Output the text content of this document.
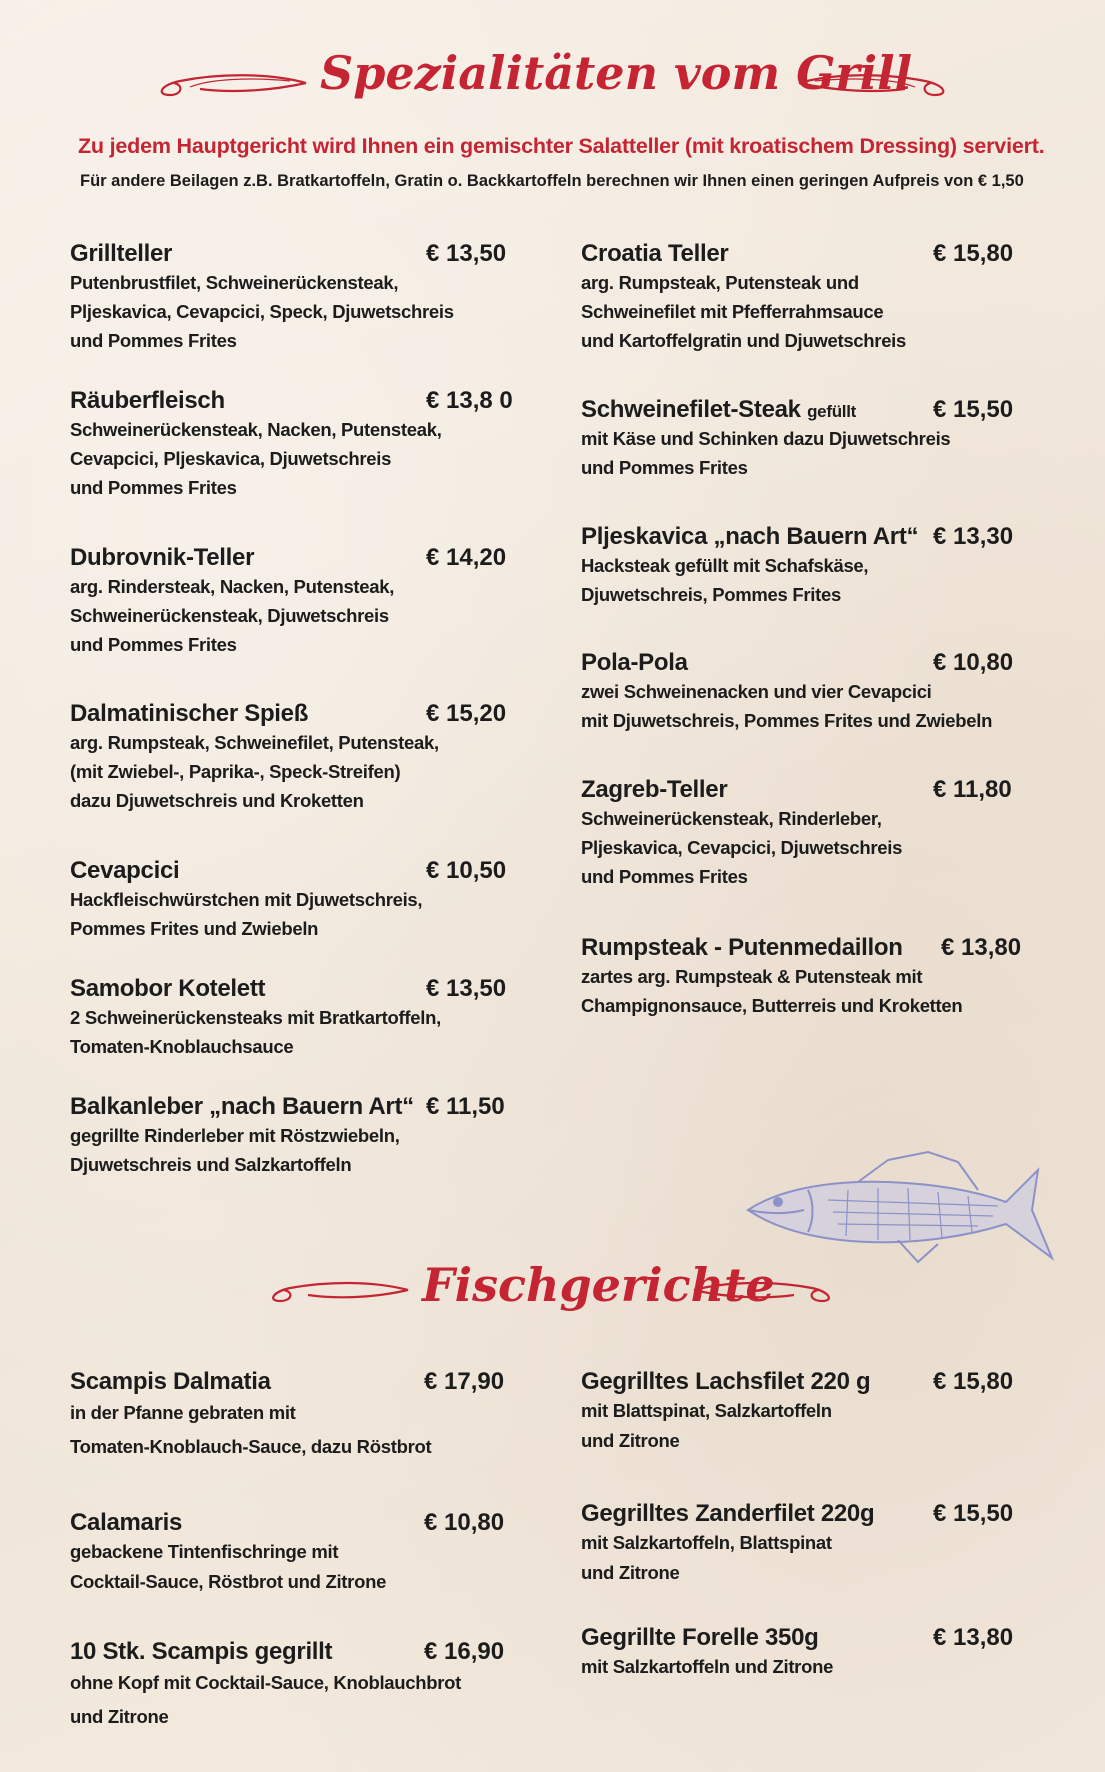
Spezialitäten vom Grill
Zu jedem Hauptgericht wird Ihnen ein gemischter Salatteller (mit kroatischem Dressing) serviert.
Für andere Beilagen z.B. Bratkartoffeln, Gratin o. Backkartoffeln berechnen wir Ihnen einen geringen Aufpreis von € 1,50
Grillteller	€ 13,50
Putenbrustfilet, Schweinerückensteak,
Pljeskavica, Cevapcici, Speck, Djuwetschreis
und Pommes Frites
Räuberfleisch	€ 13,8 0
Schweinerückensteak, Nacken, Putensteak,
Cevapcici, Pljeskavica, Djuwetschreis
und Pommes Frites
Dubrovnik-Teller	€ 14,20
arg. Rindersteak, Nacken, Putensteak,
Schweinerückensteak, Djuwetschreis
und Pommes Frites
Dalmatinischer Spieß	€ 15,20
arg. Rumpsteak, Schweinefilet, Putensteak,
(mit Zwiebel-, Paprika-, Speck-Streifen)
dazu Djuwetschreis und Kroketten
Cevapcici	€ 10,50
Hackfleischwürstchen mit Djuwetschreis,
Pommes Frites und Zwiebeln
Samobor Kotelett	€ 13,50
2 Schweinerückensteaks mit Bratkartoffeln,
Tomaten-Knoblauchsauce
Balkanleber „nach Bauern Art“ € 11,50
gegrillte Rinderleber mit Röstzwiebeln,
Djuwetschreis und Salzkartoffeln
Croatia Teller	€ 15,80
arg. Rumpsteak, Putensteak und
Schweinefilet mit Pfefferrahmsauce
und Kartoffelgratin und Djuwetschreis
Schweinefilet-Steak gefüllt	€ 15,50
mit Käse und Schinken dazu Djuwetschreis
und Pommes Frites
Pljeskavica „nach Bauern Art“ € 13,30
Hacksteak gefüllt mit Schafskäse,
Djuwetschreis, Pommes Frites
Pola-Pola	€ 10,80
zwei Schweinenacken und vier Cevapcici
mit Djuwetschreis, Pommes Frites und Zwiebeln
Zagreb-Teller	€ 11,80
Schweinerückensteak, Rinderleber,
Pljeskavica, Cevapcici, Djuwetschreis
und Pommes Frites
Rumpsteak - Putenmedaillon	€ 13,80
zartes arg. Rumpsteak & Putensteak mit
Champignonsauce, Butterreis und Kroketten
Fischgerichte
Scampis Dalmatia	€ 17,90
in der Pfanne gebraten mit
Tomaten-Knoblauch-Sauce, dazu Röstbrot
Calamaris	€ 10,80
gebackene Tintenfischringe mit
Cocktail-Sauce, Röstbrot und Zitrone
10 Stk. Scampis gegrillt	€ 16,90
ohne Kopf mit Cocktail-Sauce, Knoblauchbrot
und Zitrone
Gegrilltes Lachsfilet 220 g	€ 15,80
mit Blattspinat, Salzkartoffeln
und Zitrone
Gegrilltes Zanderfilet 220g	€ 15,50
mit Salzkartoffeln, Blattspinat
und Zitrone
Gegrillte Forelle 350g	€ 13,80
mit Salzkartoffeln und Zitrone
